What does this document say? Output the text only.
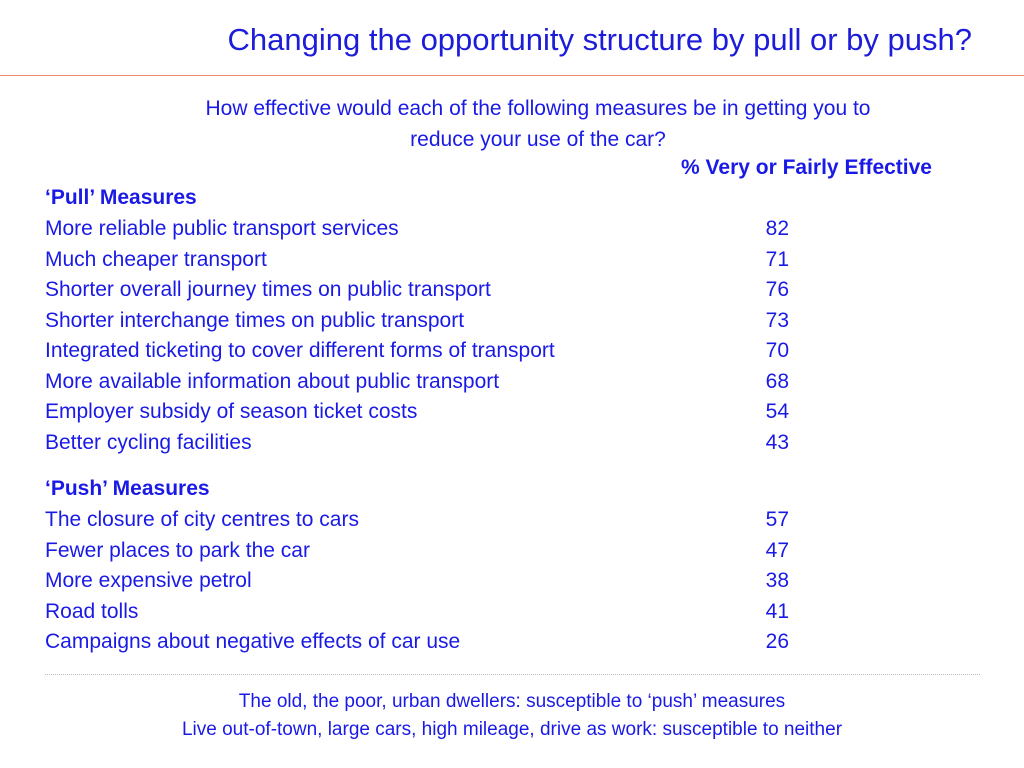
Changing the opportunity structure by pull or by push?
How effective would each of the following measures be in getting you to
reduce your use of the car?
% Very or Fairly Effective
‘Pull’ Measures
More reliable public transport services	82
Much cheaper transport	71
Shorter overall journey times on public transport	76
Shorter interchange times on public transport	73
Integrated ticketing to cover different forms of transport	70
More available information about public transport	68
Employer subsidy of season ticket costs	54
Better cycling facilities	43
‘Push’ Measures
The closure of city centres to cars	57
Fewer places to park the car	47
More expensive petrol	38
Road tolls	41
Campaigns about negative effects of car use	26
The old, the poor, urban dwellers: susceptible to ‘push’ measures
Live out-of-town, large cars, high mileage, drive as work: susceptible to neither
